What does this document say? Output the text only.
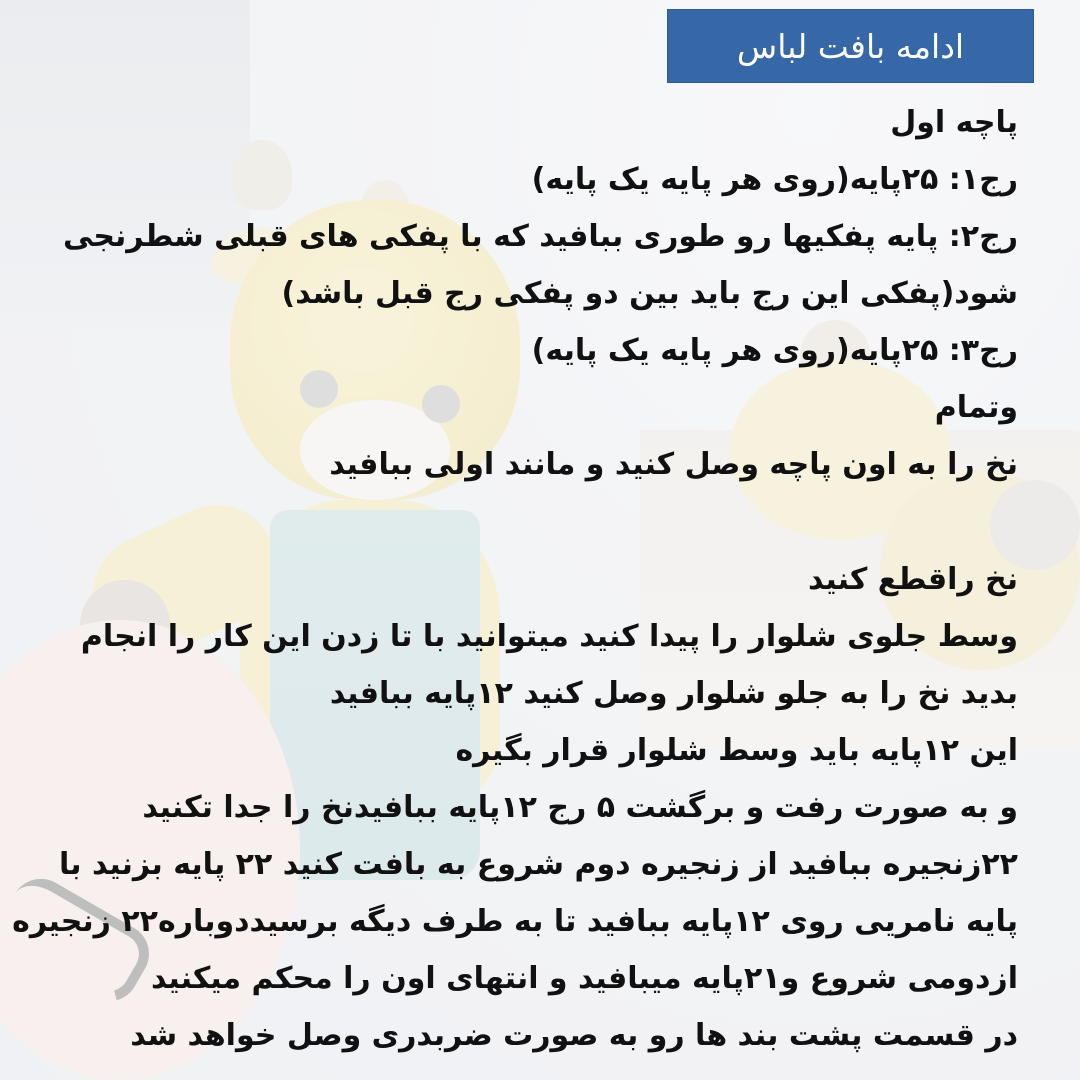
ادامه بافت لباس
پاچه اول
رج۱: ۲۵پایه(روی هر پایه یک پایه)
رج۲: پایه پفکیها رو طوری ببافید که با پفکی های قبلی شطرنجی
شود(پفکی این رج باید بین دو پفکی رج قبل باشد)
رج۳: ۲۵پایه(روی هر پایه یک پایه)
وتمام
نخ را به اون پاچه وصل کنید و مانند اولی ببافید
نخ راقطع کنید
وسط جلوی شلوار را پیدا کنید میتوانید با تا زدن این کار را انجام
بدید نخ را به جلو شلوار وصل کنید ۱۲پایه ببافید
این ۱۲پایه باید وسط شلوار قرار بگیره
و به صورت رفت و برگشت ۵ رج ۱۲پایه ببافیدنخ را جدا تکنید
۲۲زنجیره ببافید از زنجیره دوم شروع به بافت کنید ۲۲ پایه بزنید با
پایه نامریی روی ۱۲پایه ببافید تا به طرف دیگه برسیددوباره۲۲ زنجیره
ازدومی شروع و۲۱پایه میبافید و انتهای اون را محکم میکنید
در قسمت پشت بند ها رو به صورت ضربدری وصل خواهد شد
